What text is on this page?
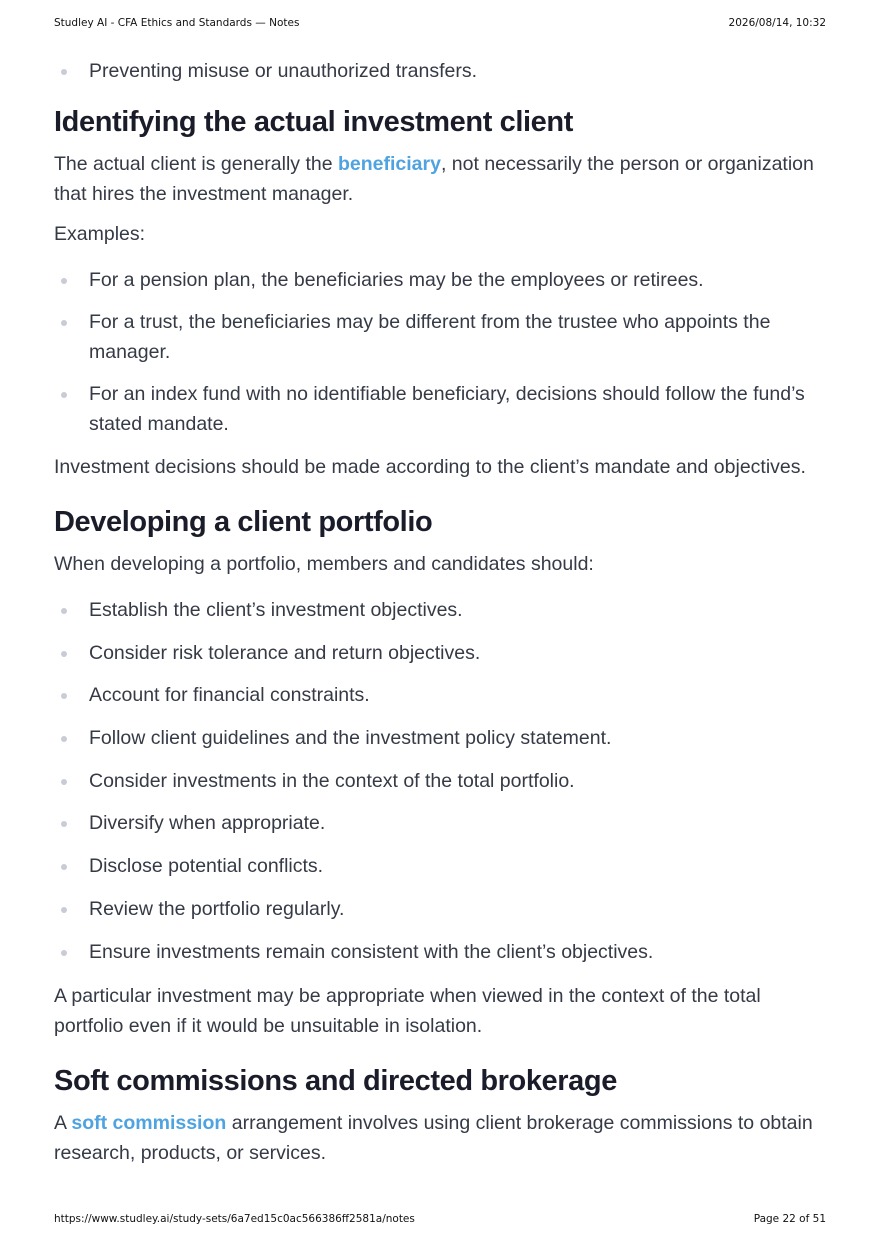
Studley AI - CFA Ethics and Standards — Notes	2026/08/14, 10:32
Preventing misuse or unauthorized transfers.
Identifying the actual investment client

The actual client is generally the beneficiary, not necessarily the person or organization that hires the investment manager.

Examples:

For a pension plan, the beneficiaries may be the employees or retirees.
For a trust, the beneficiaries may be different from the trustee who appoints the manager.
For an index fund with no identifiable beneficiary, decisions should follow the fund’s stated mandate.

Investment decisions should be made according to the client’s mandate and objectives.

Developing a client portfolio

When developing a portfolio, members and candidates should:

Establish the client’s investment objectives.
Consider risk tolerance and return objectives.
Account for financial constraints.
Follow client guidelines and the investment policy statement.
Consider investments in the context of the total portfolio.
Diversify when appropriate.
Disclose potential conflicts.
Review the portfolio regularly.
Ensure investments remain consistent with the client’s objectives.

A particular investment may be appropriate when viewed in the context of the total portfolio even if it would be unsuitable in isolation.

Soft commissions and directed brokerage

A soft commission arrangement involves using client brokerage commissions to obtain research, products, or services.

https://www.studley.ai/study-sets/6a7ed15c0ac566386ff2581a/notes	Page 22 of 51
